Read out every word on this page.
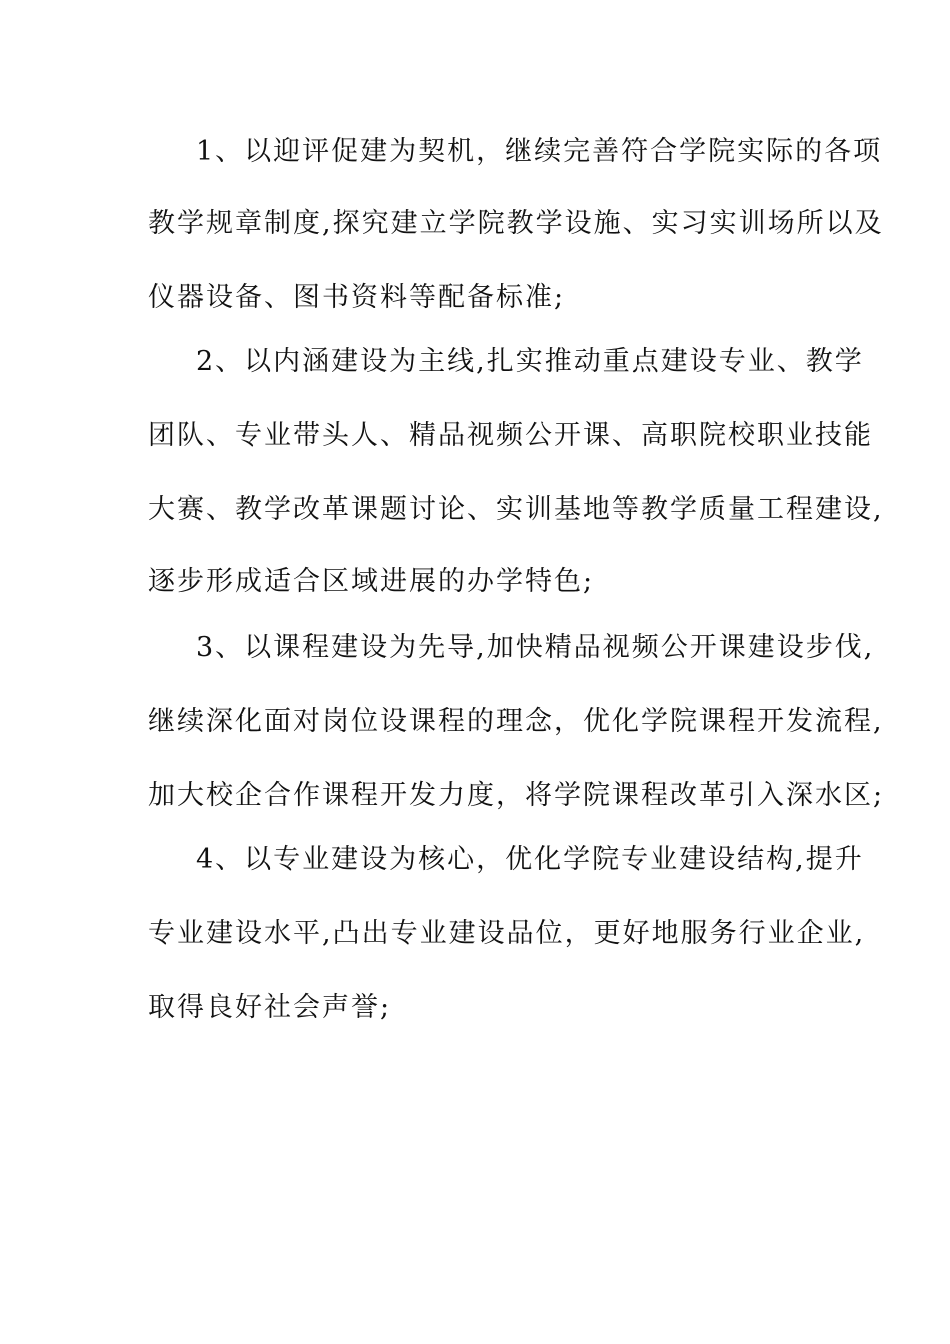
1、以迎评促建为契机，继续完善符合学院实际的各项
教学规章制度,探究建立学院教学设施、实习实训场所以及
仪器设备、图书资料等配备标准;
2、以内涵建设为主线,扎实推动重点建设专业、教学
团队、专业带头人、精品视频公开课、高职院校职业技能
大赛、教学改革课题讨论、实训基地等教学质量工程建设,
逐步形成适合区域进展的办学特色;
3、以课程建设为先导,加快精品视频公开课建设步伐,
继续深化面对岗位设课程的理念，优化学院课程开发流程,
加大校企合作课程开发力度，将学院课程改革引入深水区;
4、以专业建设为核心，优化学院专业建设结构,提升
专业建设水平,凸出专业建设品位，更好地服务行业企业,
取得良好社会声誉;
